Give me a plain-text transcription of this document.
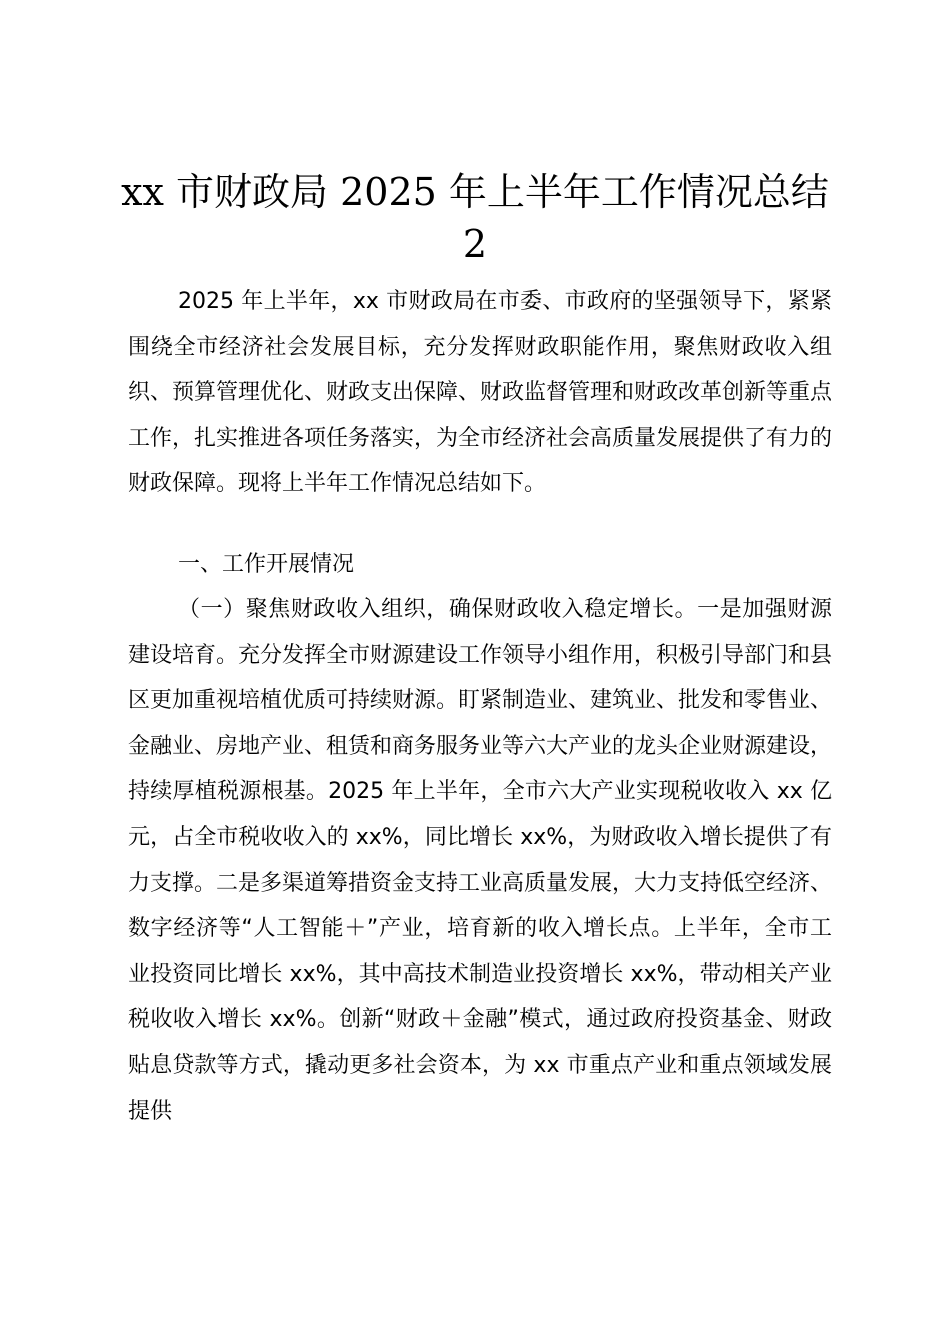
xx 市财政局 2025 年上半年工作情况总结 2

2025 年上半年，xx 市财政局在市委、市政府的坚强领导下，紧紧围绕全市经济社会发展目标，充分发挥财政职能作用，聚焦财政收入组织、预算管理优化、财政支出保障、财政监督管理和财政改革创新等重点工作，扎实推进各项任务落实，为全市经济社会高质量发展提供了有力的财政保障。现将上半年工作情况总结如下。

一、工作开展情况

（一）聚焦财政收入组织，确保财政收入稳定增长。一是加强财源建设培育。充分发挥全市财源建设工作领导小组作用，积极引导部门和县区更加重视培植优质可持续财源。盯紧制造业、建筑业、批发和零售业、金融业、房地产业、租赁和商务服务业等六大产业的龙头企业财源建设，持续厚植税源根基。2025 年上半年，全市六大产业实现税收收入 xx 亿元，占全市税收收入的 xx%，同比增长 xx%，为财政收入增长提供了有力支撑。二是多渠道筹措资金支持工业高质量发展，大力支持低空经济、数字经济等“人工智能＋”产业，培育新的收入增长点。上半年，全市工业投资同比增长 xx%，其中高技术制造业投资增长 xx%，带动相关产业税收收入增长 xx%。创新“财政＋金融”模式，通过政府投资基金、财政贴息贷款等方式，撬动更多社会资本，为 xx 市重点产业和重点领域发展提供
